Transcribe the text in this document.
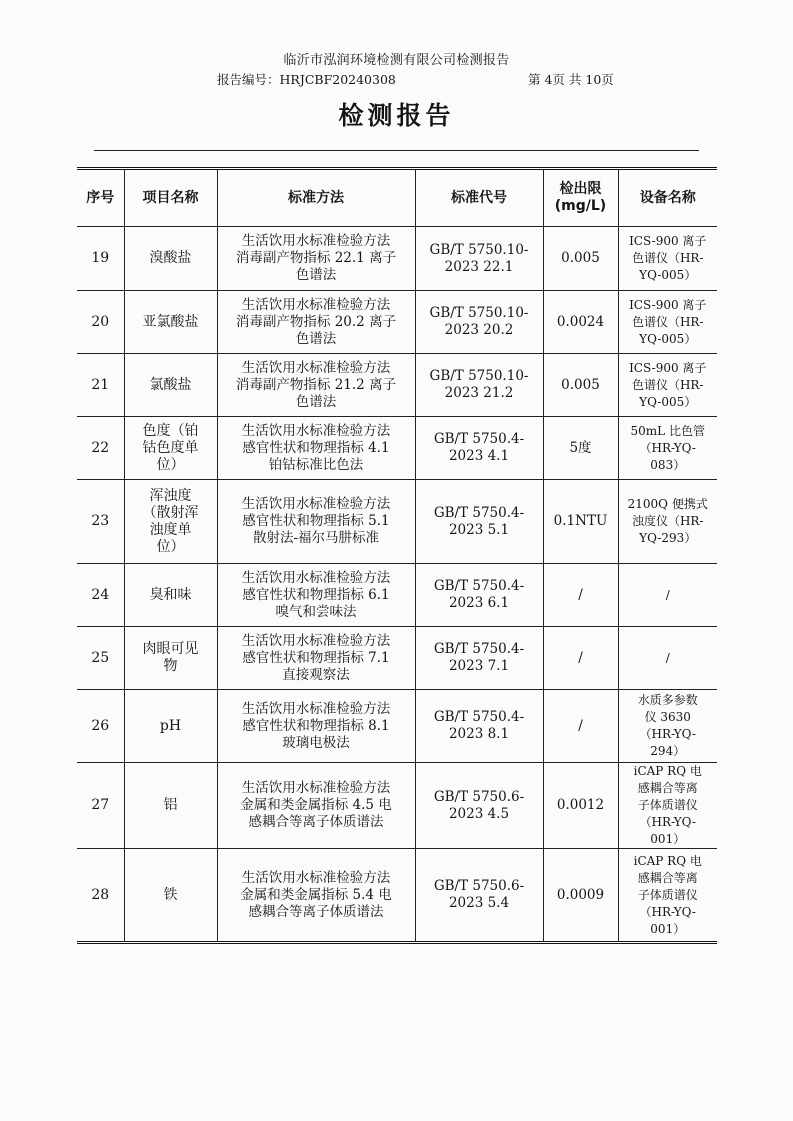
临沂市泓润环境检测有限公司检测报告
报告编号：HRJCBF20240308	第 4页 共 10页
检测报告
序号	项目名称	标准方法	标准代号	检出限
(mg/L)	设备名称
19	溴酸盐	生活饮用水标准检验方法
消毒副产物指标 22.1 离子
色谱法	GB/T 5750.10-
2023 22.1	0.005	ICS-900 离子
色谱仪（HR-
YQ-005）
20	亚氯酸盐	生活饮用水标准检验方法
消毒副产物指标 20.2 离子
色谱法	GB/T 5750.10-
2023 20.2	0.0024	ICS-900 离子
色谱仪（HR-
YQ-005）
21	氯酸盐	生活饮用水标准检验方法
消毒副产物指标 21.2 离子
色谱法	GB/T 5750.10-
2023 21.2	0.005	ICS-900 离子
色谱仪（HR-
YQ-005）
22	色度（铂
钴色度单
位）	生活饮用水标准检验方法
感官性状和物理指标 4.1
铂钴标准比色法	GB/T 5750.4-
2023 4.1	5度	50mL 比色管
（HR-YQ-
083）
23	浑浊度
（散射浑
浊度单
位）	生活饮用水标准检验方法
感官性状和物理指标 5.1
散射法-福尔马肼标准	GB/T 5750.4-
2023 5.1	0.1NTU	2100Q 便携式
浊度仪（HR-
YQ-293）
24	臭和味	生活饮用水标准检验方法
感官性状和物理指标 6.1
嗅气和尝味法	GB/T 5750.4-
2023 6.1	/	/
25	肉眼可见
物	生活饮用水标准检验方法
感官性状和物理指标 7.1
直接观察法	GB/T 5750.4-
2023 7.1	/	/
26	pH	生活饮用水标准检验方法
感官性状和物理指标 8.1
玻璃电极法	GB/T 5750.4-
2023 8.1	/	水质多参数
仪 3630
（HR-YQ-
294）
27	铝	生活饮用水标准检验方法
金属和类金属指标 4.5 电
感耦合等离子体质谱法	GB/T 5750.6-
2023 4.5	0.0012	iCAP RQ 电
感耦合等离
子体质谱仪
（HR-YQ-
001）
28	铁	生活饮用水标准检验方法
金属和类金属指标 5.4 电
感耦合等离子体质谱法	GB/T 5750.6-
2023 5.4	0.0009	iCAP RQ 电
感耦合等离
子体质谱仪
（HR-YQ-
001）
